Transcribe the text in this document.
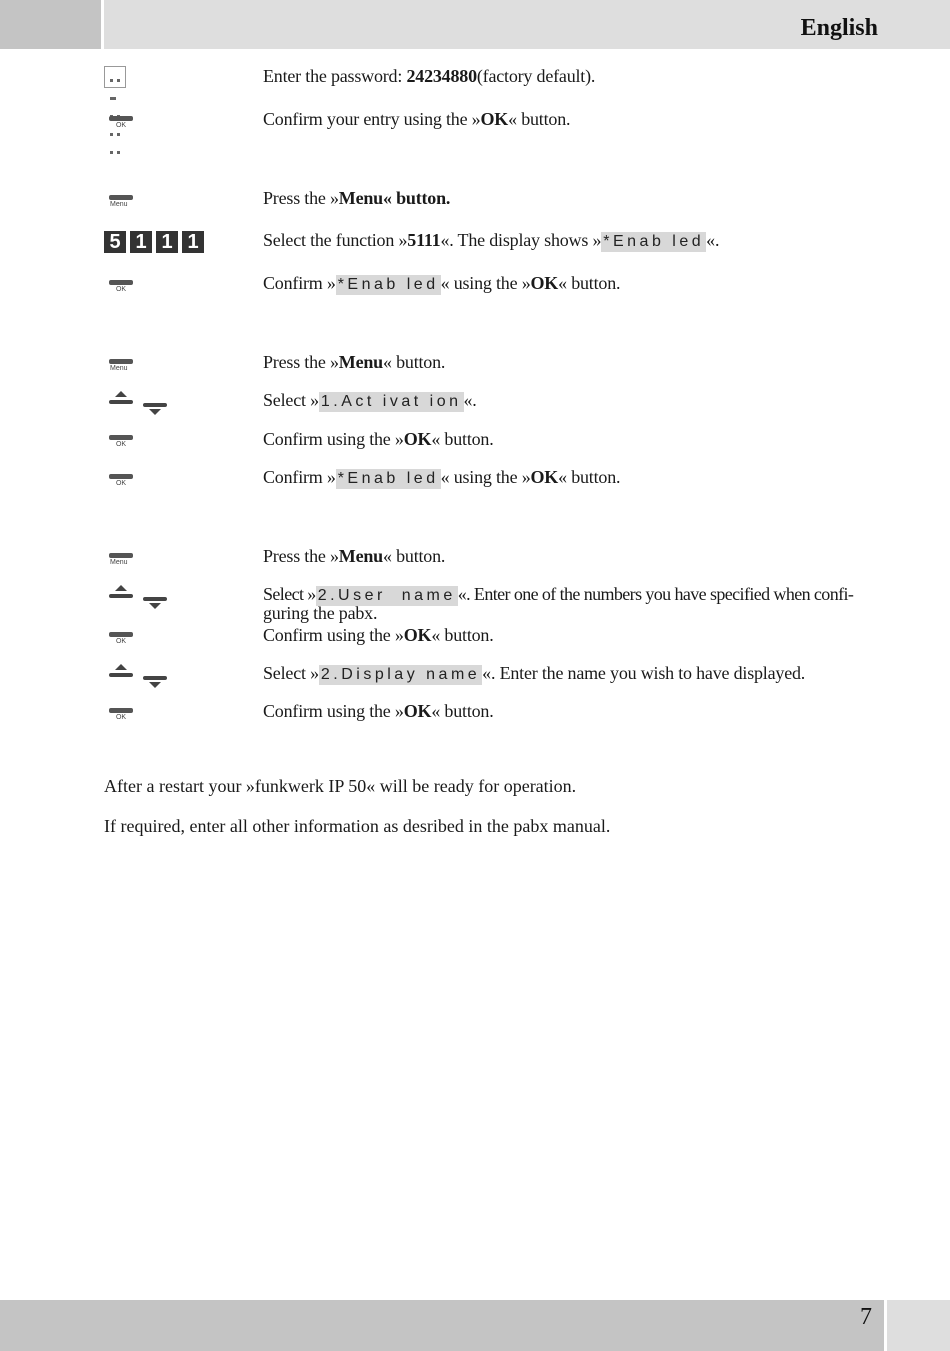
English
7

Enter the password: 24234880(factory default).
OK	Confirm your entry using the »OK« button.
Menu	Press the »Menu« button.
5 1 1 1	Select the function »5111«. The display shows » *Enab led «.
OK	Confirm » *Enab led « using the »OK« button.
Menu	Press the »Menu« button.
Select » 1.Act ivat ion «.
OK	Confirm using the »OK« button.
OK	Confirm » *Enab led « using the »OK« button.
Menu	Press the »Menu« button.
Select » 2.User  name «. Enter one of the numbers you have specified when confi-
guring the pabx.
OK	Confirm using the »OK« button.
Select » 2.Display name «. Enter the name you wish to have displayed.
OK	Confirm using the »OK« button.
After a restart your »funkwerk IP 50« will be ready for operation.
If required, enter all other information as desribed in the pabx manual.
